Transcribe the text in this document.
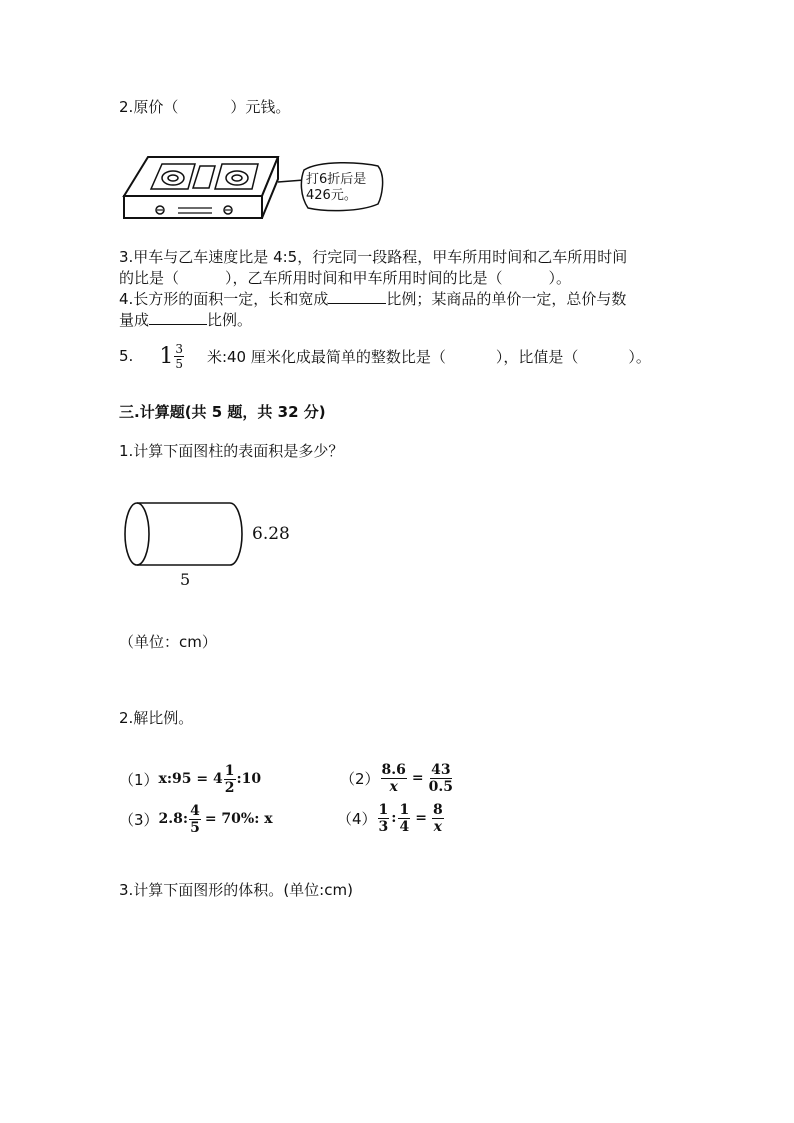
2.原价（	）元钱。
打6折后是426元。
3.甲车与乙车速度比是 4:5，行完同一段路程，甲车所用时间和乙车所用时间
的比是（	），乙车所用时间和甲车所用时间的比是（	）。
4.长方形的面积一定，长和宽成	比例；某商品的单价一定，总价与数
量成	比例。
5. $1 \frac{3}{5}$ 米:40 厘米化成最简单的整数比是（	），比值是（	）。
三.计算题(共 5 题，共 32 分)
1.计算下面图柱的表面积是多少？
6.28
5
（单位：cm）
2.解比例。
（1） x:95 = $4 \frac{1}{2}$ :10	$(2) \frac{8.6}{x} = \frac{43}{0.5}$
（3） 2.8: $\frac{4}{5} = 70\%$: x	$(4) \frac{1}{3}$ : $\frac{1}{4} = \frac{8}{x}$
3.计算下面图形的体积。(单位:cm)
